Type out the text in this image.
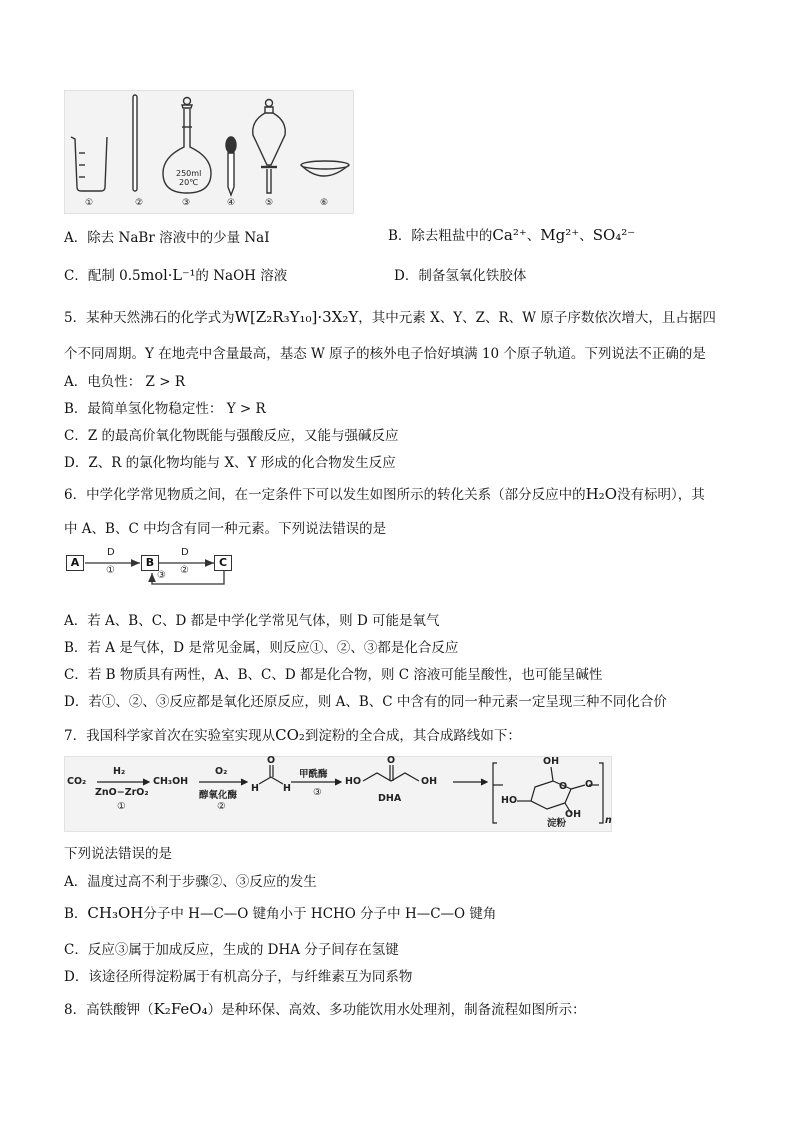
250ml
20℃
①	②	③	④	⑤	⑥
A．除去 NaBr 溶液中的少量 NaI	B．除去粗盐中的Ca²⁺、Mg²⁺、SO₄²⁻
C．配制 0.5mol·L⁻¹的 NaOH 溶液	D．制备氢氧化铁胶体
5．某种天然沸石的化学式为W[Z₂R₃Y₁₀]·3X₂Y，其中元素 X、Y、Z、R、W 原子序数依次增大，且占据四
个不同周期。Y 在地壳中含量最高，基态 W 原子的核外电子恰好填满 10 个原子轨道。下列说法不正确的是
A．电负性： Z > R
B．最简单氢化物稳定性： Y > R
C．Z 的最高价氧化物既能与强酸反应，又能与强碱反应
D．Z、R 的氯化物均能与 X、Y 形成的化合物发生反应
6．中学化学常见物质之间，在一定条件下可以发生如图所示的转化关系（部分反应中的H₂O没有标明），其
中 A、B、C 中均含有同一种元素。下列说法错误的是
A	B	C
D	D
①	②
③
A．若 A、B、C、D 都是中学化学常见气体，则 D 可能是氧气
B．若 A 是气体，D 是常见金属，则反应①、②、③都是化合反应
C．若 B 物质具有两性，A、B、C、D 都是化合物，则 C 溶液可能呈酸性，也可能呈碱性
D．若①、②、③反应都是氧化还原反应，则 A、B、C 中含有的同一种元素一定呈现三种不同化合价
7．我国科学家首次在实验室实现从CO₂到淀粉的全合成，其合成路线如下：
CO₂
H₂
ZnO−ZrO₂
①
CH₃OH
O₂
醇氧化酶
②
H	H
O
甲酰酶
③
HO	OH
O
DHA
OH
O
HO
OH
O
淀粉	n
下列说法错误的是
A．温度过高不利于步骤②、③反应的发生
B．CH₃OH分子中 H—C—O 键角小于 HCHO 分子中 H—C—O 键角
C．反应③属于加成反应，生成的 DHA 分子间存在氢键
D．该途径所得淀粉属于有机高分子，与纤维素互为同系物
8．高铁酸钾（K₂FeO₄）是种环保、高效、多功能饮用水处理剂，制备流程如图所示：
